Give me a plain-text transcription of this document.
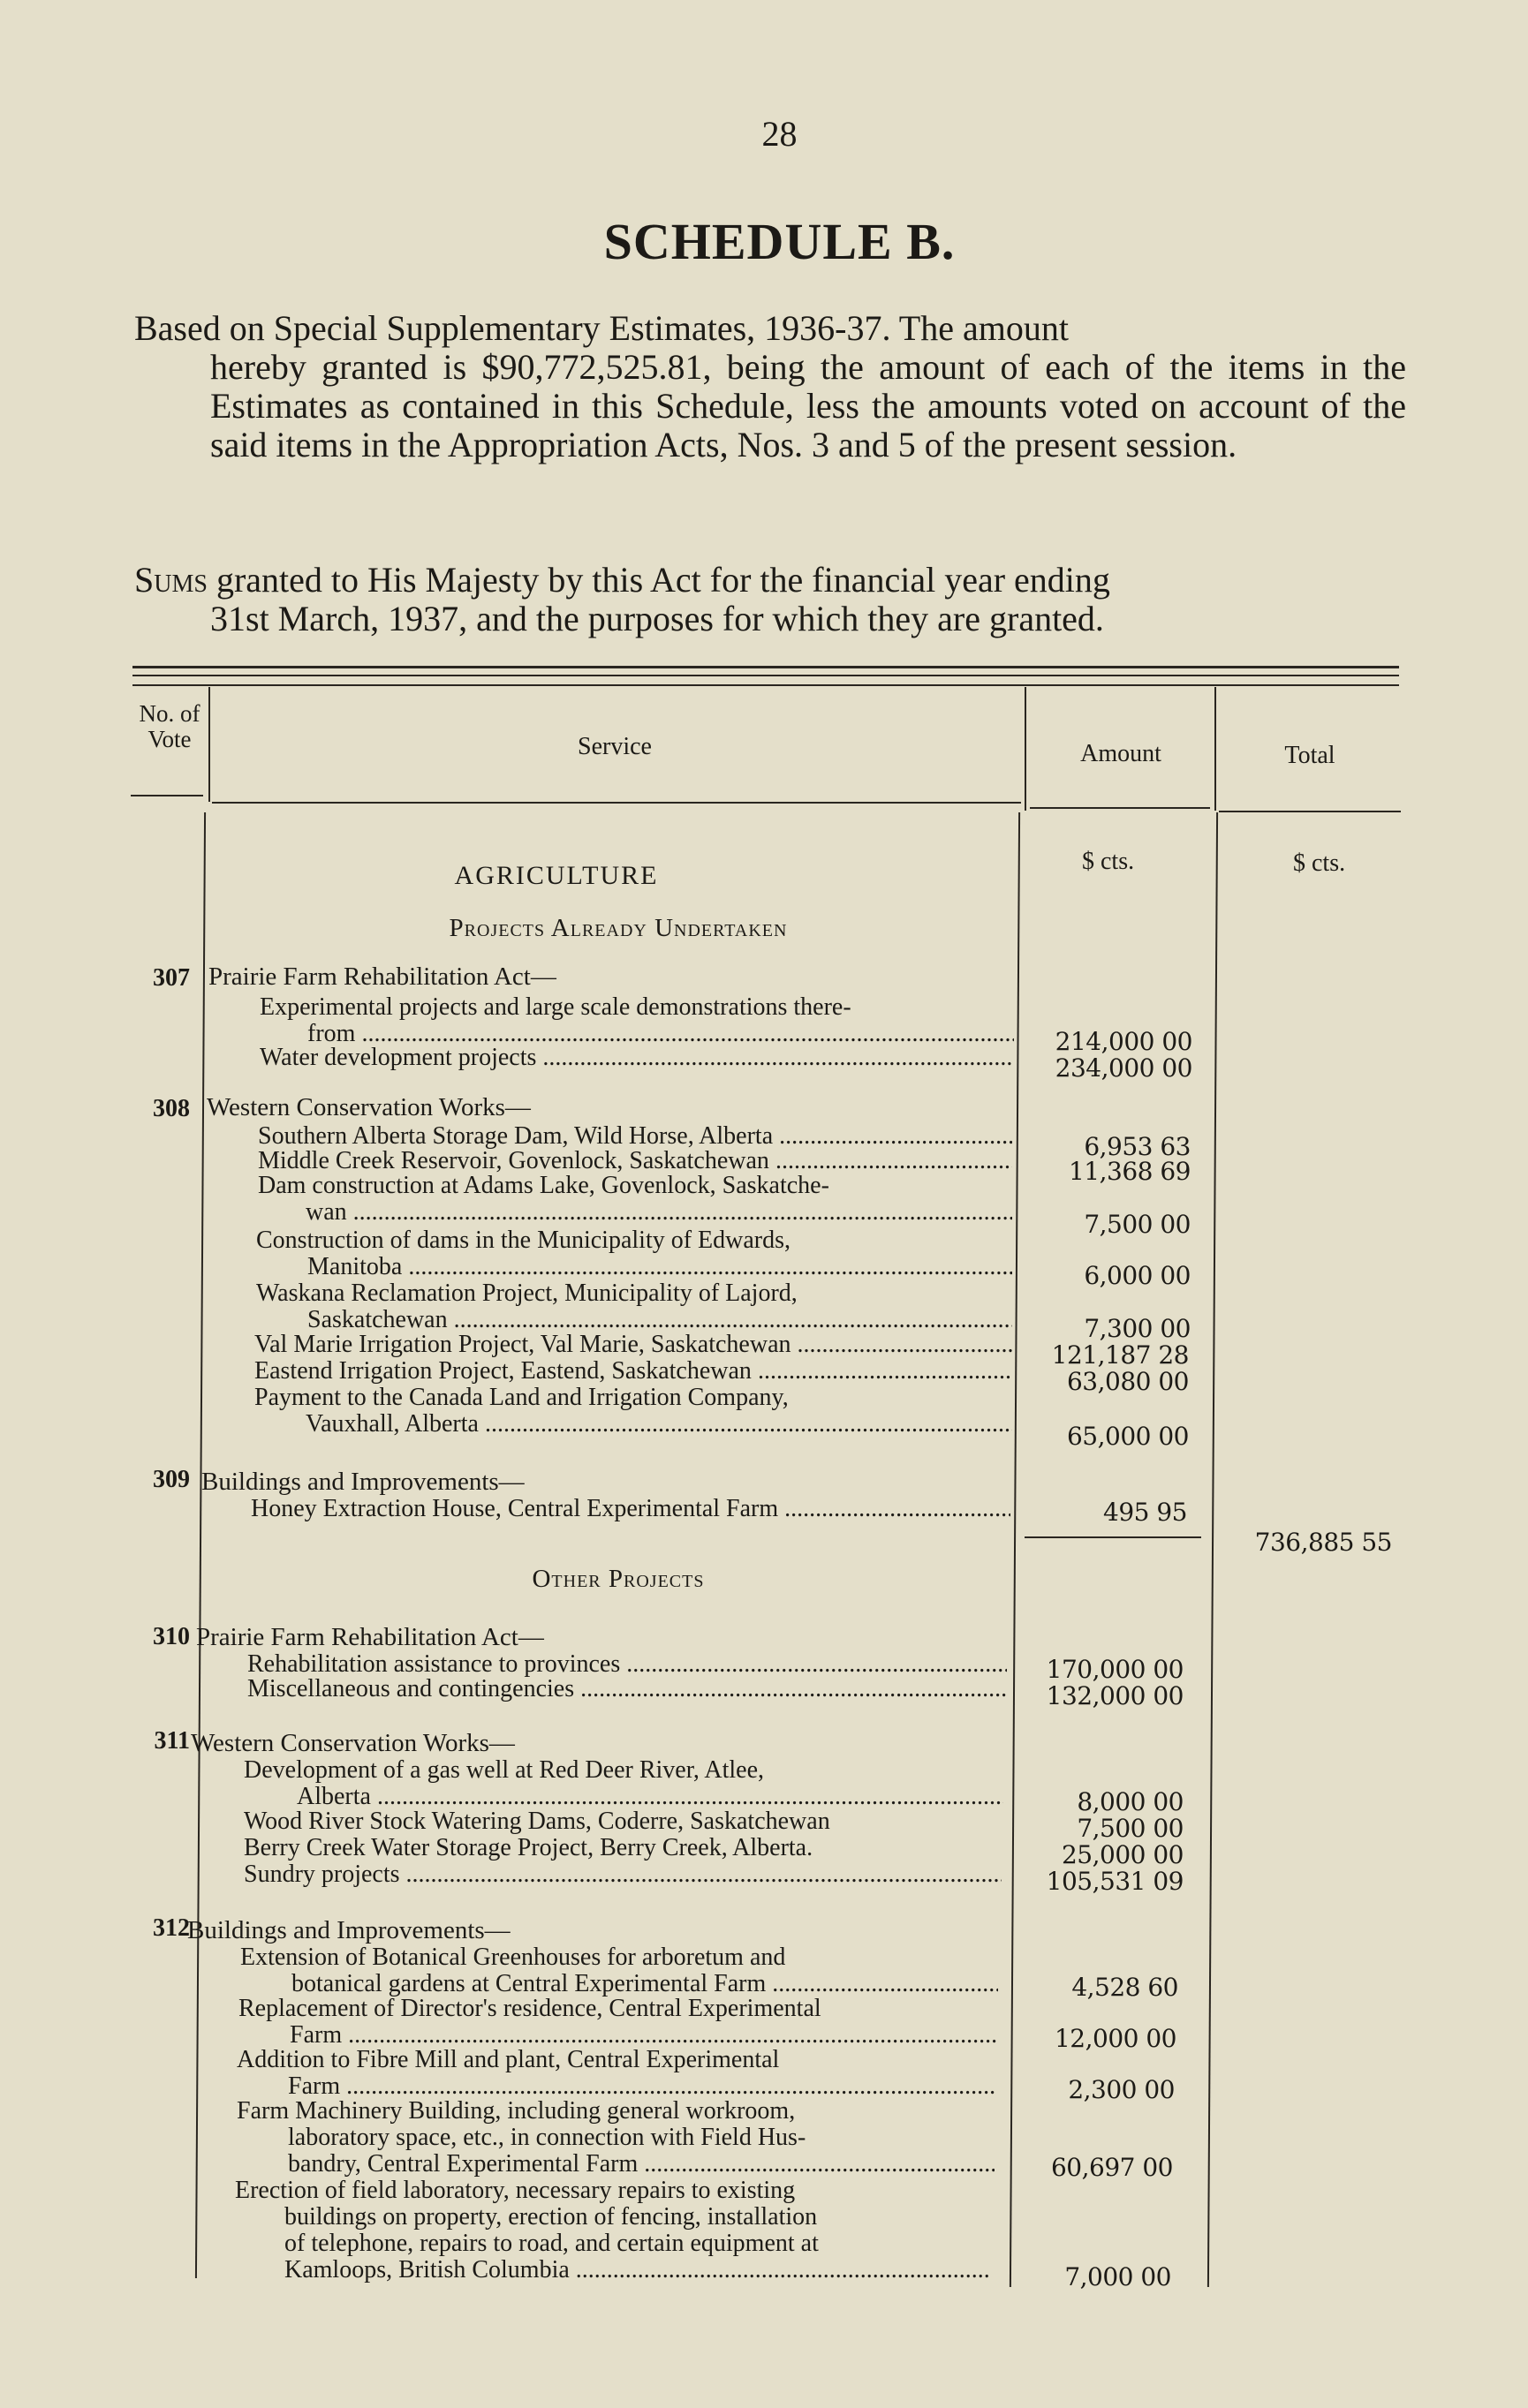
28
SCHEDULE B.
Based on Special Supplementary Estimates, 1936-37. The amount
hereby granted is $90,772,525.81, being the amount of each of the items in the Estimates as contained in this Schedule, less the amounts voted on account of the said items in the Appropriation Acts, Nos. 3 and 5 of the present session.
Sums granted to His Majesty by this Act for the financial year ending
31st March, 1937, and the purposes for which they are granted.
No. of Vote	Service	Amount	Total
$ cts.	$ cts.
AGRICULTURE
Projects Already Undertaken
Other Projects
307 Prairie Farm Rehabilitation Act—
Experimental projects and large scale demonstrations there-
from .....	214,000 00
Water development projects .....	234,000 00
308 Western Conservation Works—
Southern Alberta Storage Dam, Wild Horse, Alberta .....	6,953 63
Middle Creek Reservoir, Govenlock, Saskatchewan .....	11,368 69
Dam construction at Adams Lake, Govenlock, Saskatche-
wan .....	7,500 00
Construction of dams in the Municipality of Edwards,
Manitoba .....	6,000 00
Waskana Reclamation Project, Municipality of Lajord,
Saskatchewan .....	7,300 00
Val Marie Irrigation Project, Val Marie, Saskatchewan .....	121,187 28
Eastend Irrigation Project, Eastend, Saskatchewan .....	63,080 00
Payment to the Canada Land and Irrigation Company,
Vauxhall, Alberta .....	65,000 00
309 Buildings and Improvements—
Honey Extraction House, Central Experimental Farm .....	495 95
736,885 55
310 Prairie Farm Rehabilitation Act—
Rehabilitation assistance to provinces .....	170,000 00
Miscellaneous and contingencies .....	132,000 00
311 Western Conservation Works—
Development of a gas well at Red Deer River, Atlee,
Alberta .....	8,000 00
Wood River Stock Watering Dams, Coderre, Saskatchewan	7,500 00
Berry Creek Water Storage Project, Berry Creek, Alberta.	25,000 00
Sundry projects .....	105,531 09
312
Buildings and Improvements—
Extension of Botanical Greenhouses for arboretum and
botanical gardens at Central Experimental Farm .....	4,528 60
Replacement of Director's residence, Central Experimental
Farm .....	12,000 00
Addition to Fibre Mill and plant, Central Experimental
Farm .....	2,300 00
Farm Machinery Building, including general workroom,
laboratory space, etc., in connection with Field Hus-
bandry, Central Experimental Farm .....	60,697 00
Erection of field laboratory, necessary repairs to existing
buildings on property, erection of fencing, installation
of telephone, repairs to road, and certain equipment at
Kamloops, British Columbia .....	7,000 00
